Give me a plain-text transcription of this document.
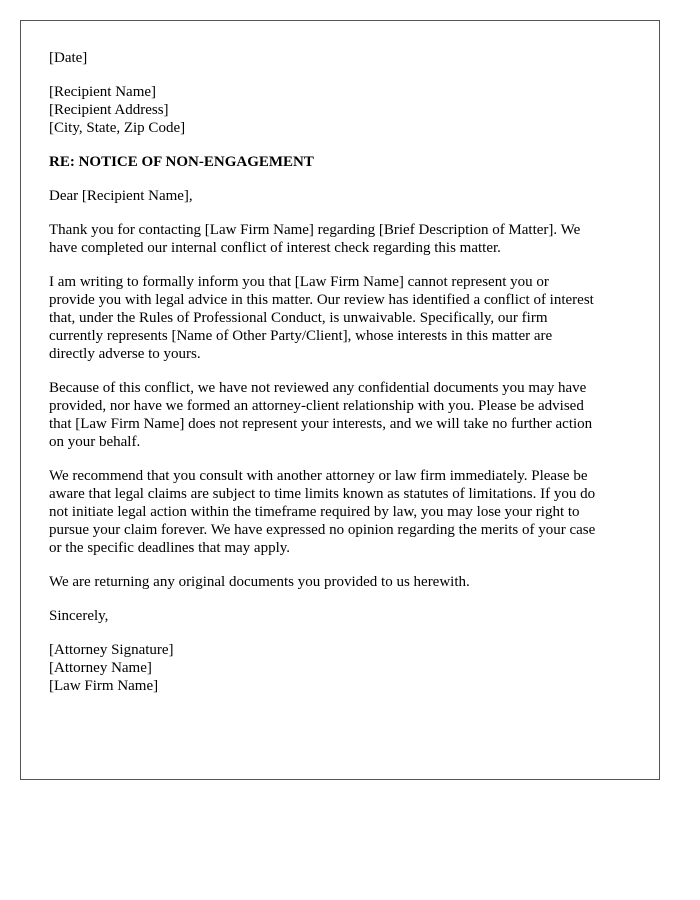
[Date]
[Recipient Name]
[Recipient Address]
[City, State, Zip Code]
RE: NOTICE OF NON-ENGAGEMENT
Dear [Recipient Name],
Thank you for contacting [Law Firm Name] regarding [Brief Description of Matter]. We
have completed our internal conflict of interest check regarding this matter.
I am writing to formally inform you that [Law Firm Name] cannot represent you or
provide you with legal advice in this matter. Our review has identified a conflict of interest
that, under the Rules of Professional Conduct, is unwaivable. Specifically, our firm
currently represents [Name of Other Party/Client], whose interests in this matter are
directly adverse to yours.
Because of this conflict, we have not reviewed any confidential documents you may have
provided, nor have we formed an attorney-client relationship with you. Please be advised
that [Law Firm Name] does not represent your interests, and we will take no further action
on your behalf.
We recommend that you consult with another attorney or law firm immediately. Please be
aware that legal claims are subject to time limits known as statutes of limitations. If you do
not initiate legal action within the timeframe required by law, you may lose your right to
pursue your claim forever. We have expressed no opinion regarding the merits of your case
or the specific deadlines that may apply.
We are returning any original documents you provided to us herewith.
Sincerely,
[Attorney Signature]
[Attorney Name]
[Law Firm Name]
